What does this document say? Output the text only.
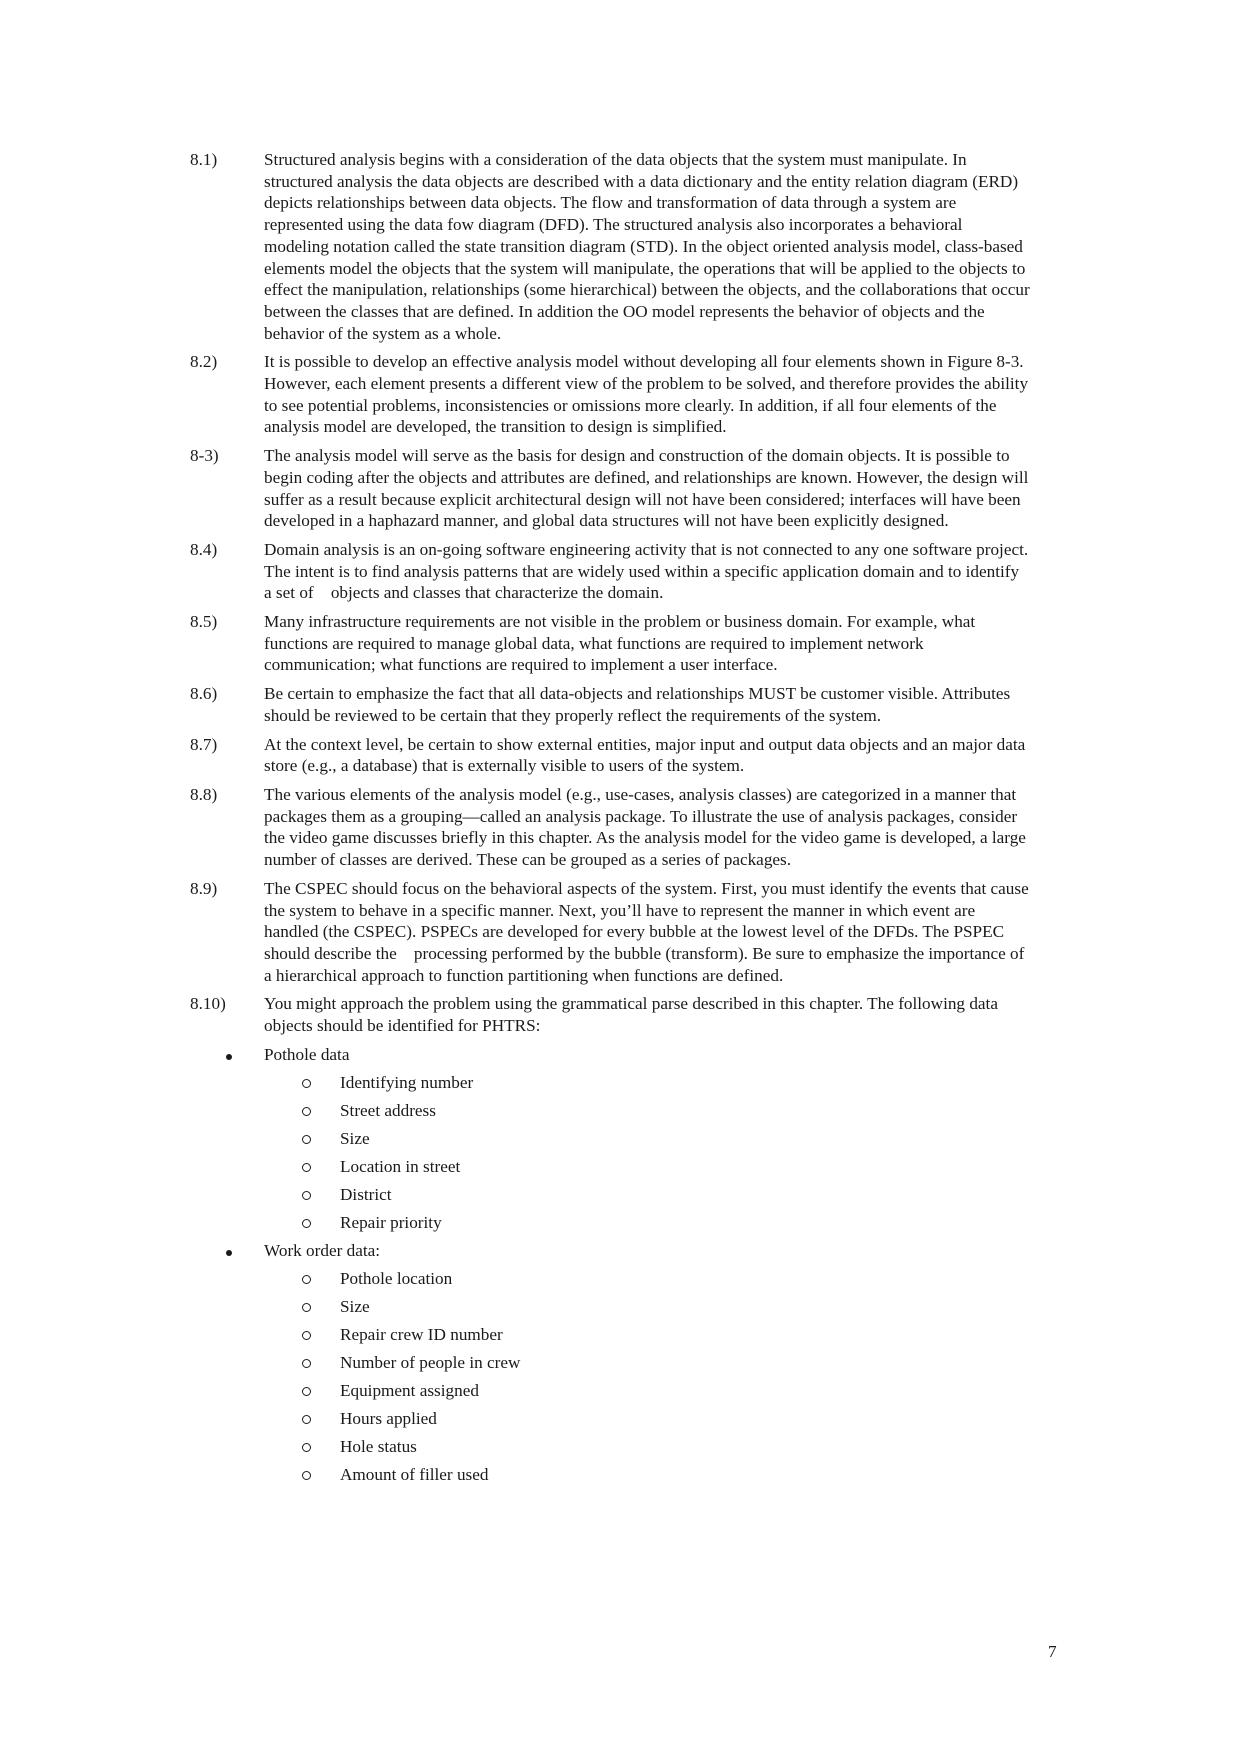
8.1)	Structured analysis begins with a consideration of the data objects that the system must manipulate. In structured analysis the data objects are described with a data dictionary and the entity relation diagram (ERD) depicts relationships between data objects. The flow and transformation of data through a system are represented using the data fow diagram (DFD). The structured analysis also incorporates a behavioral modeling notation called the state transition diagram (STD). In the object oriented analysis model, class-based elements model the objects that the system will manipulate, the operations that will be applied to the objects to effect the manipulation, relationships (some hierarchical) between the objects, and the collaborations that occur between the classes that are defined. In addition the OO model represents the behavior of objects and the behavior of the system as a whole.
8.2)	It is possible to develop an effective analysis model without developing all four elements shown in Figure 8-3. However, each element presents a different view of the problem to be solved, and therefore provides the ability to see potential problems, inconsistencies or omissions more clearly. In addition, if all four elements of the analysis model are developed, the transition to design is simplified.
8-3)	The analysis model will serve as the basis for design and construction of the domain objects. It is possible to begin coding after the objects and attributes are defined, and relationships are known. However, the design will suffer as a result because explicit architectural design will not have been considered; interfaces will have been developed in a haphazard manner, and global data structures will not have been explicitly designed.
8.4)	Domain analysis is an on-going software engineering activity that is not connected to any one software project. The intent is to find analysis patterns that are widely used within a specific application domain and to identify a set of    objects and classes that characterize the domain.
8.5)	Many infrastructure requirements are not visible in the problem or business domain. For example, what functions are required to manage global data, what functions are required to implement network communication; what functions are required to implement a user interface.
8.6)	Be certain to emphasize the fact that all data-objects and relationships MUST be customer visible. Attributes should be reviewed to be certain that they properly reflect the requirements of the system.
8.7)	At the context level, be certain to show external entities, major input and output data objects and an major data store (e.g., a database) that is externally visible to users of the system.
8.8)	The various elements of the analysis model (e.g., use-cases, analysis classes) are categorized in a manner that packages them as a grouping—called an analysis package. To illustrate the use of analysis packages, consider the video game discusses briefly in this chapter. As the analysis model for the video game is developed, a large number of classes are derived. These can be grouped as a series of packages.
8.9)	The CSPEC should focus on the behavioral aspects of the system. First, you must identify the events that cause the system to behave in a specific manner. Next, you’ll have to represent the manner in which event are handled (the CSPEC). PSPECs are developed for every bubble at the lowest level of the DFDs. The PSPEC should describe the    processing performed by the bubble (transform). Be sure to emphasize the importance of a hierarchical approach to function partitioning when functions are defined.
8.10)	You might approach the problem using the grammatical parse described in this chapter. The following data objects should be identified for PHTRS:
Pothole data
Identifying number
Street address
Size
Location in street
District
Repair priority
Work order data:
Pothole location
Size
Repair crew ID number
Number of people in crew
Equipment assigned
Hours applied
Hole status
Amount of filler used
7
